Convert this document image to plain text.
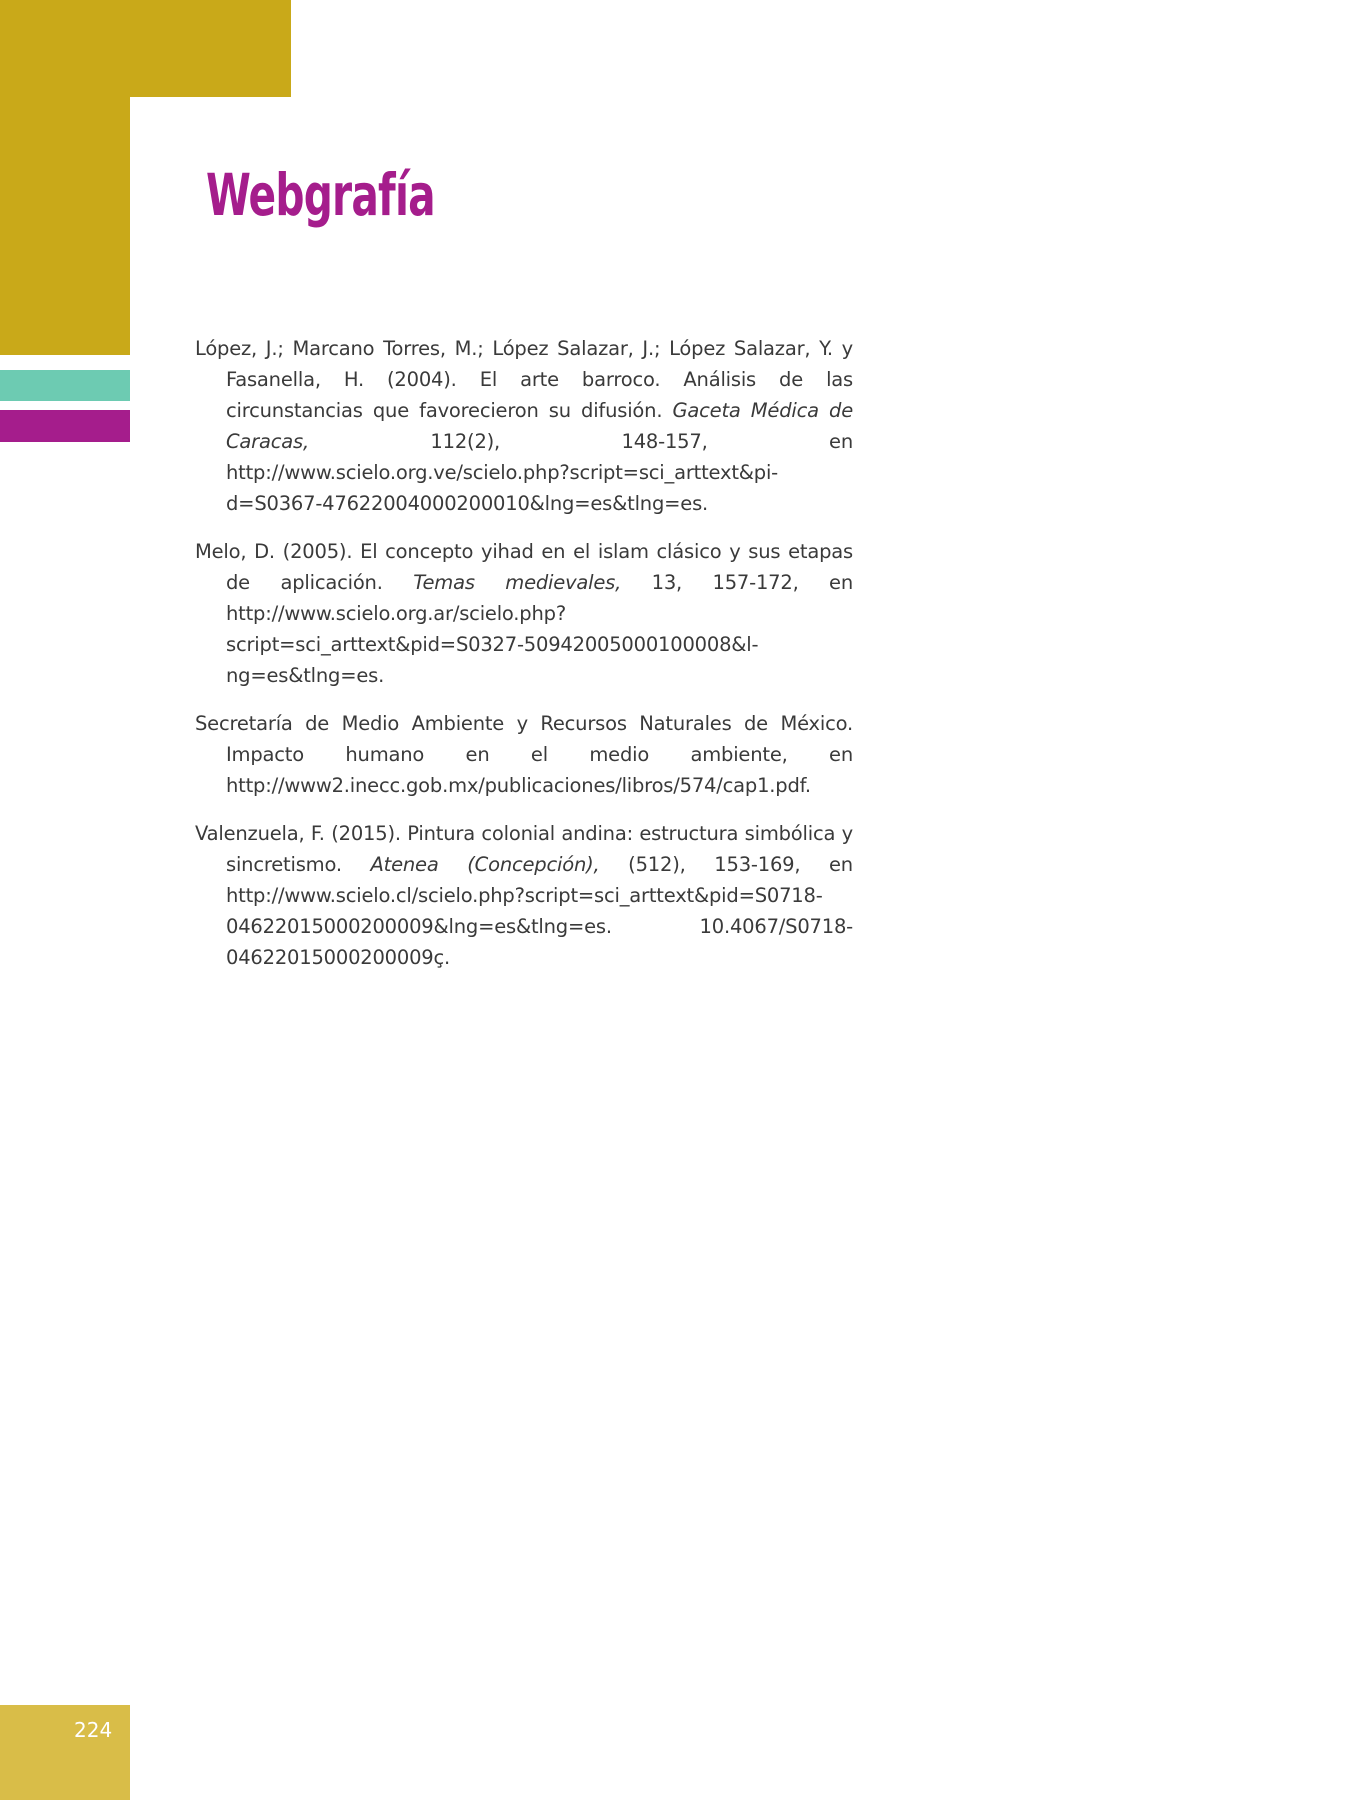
Webgrafía
López, J.; Marcano Torres, M.; López Salazar, J.; López Salazar, Y. y Fasanella, H. (2004). El arte barroco. Análisis de las circunstancias que favorecieron su difusión. Gaceta Médica de Caracas, 112(2), 148-157, en http://www.scielo.org.ve/scielo.php?script=sci_arttext&pid=S0367-47622004000200010&lng=es&tlng=es.
Melo, D. (2005). El concepto yihad en el islam clásico y sus etapas de aplicación. Temas medievales, 13, 157-172, en http://www.scielo.org.ar/scielo.php?script=sci_arttext&pid=S0327-50942005000100008&lng=es&tlng=es.
Secretaría de Medio Ambiente y Recursos Naturales de México. Impacto humano en el medio ambiente, en http://www2.inecc.gob.mx/publicaciones/libros/574/cap1.pdf.
Valenzuela, F. (2015). Pintura colonial andina: estructura simbólica y sincretismo. Atenea (Concepción), (512), 153-169, en http://www.scielo.cl/scielo.php?script=sci_arttext&pid=S0718-04622015000200009&lng=es&tlng=es. 10.4067/S0718-04622015000200009ç.
224
